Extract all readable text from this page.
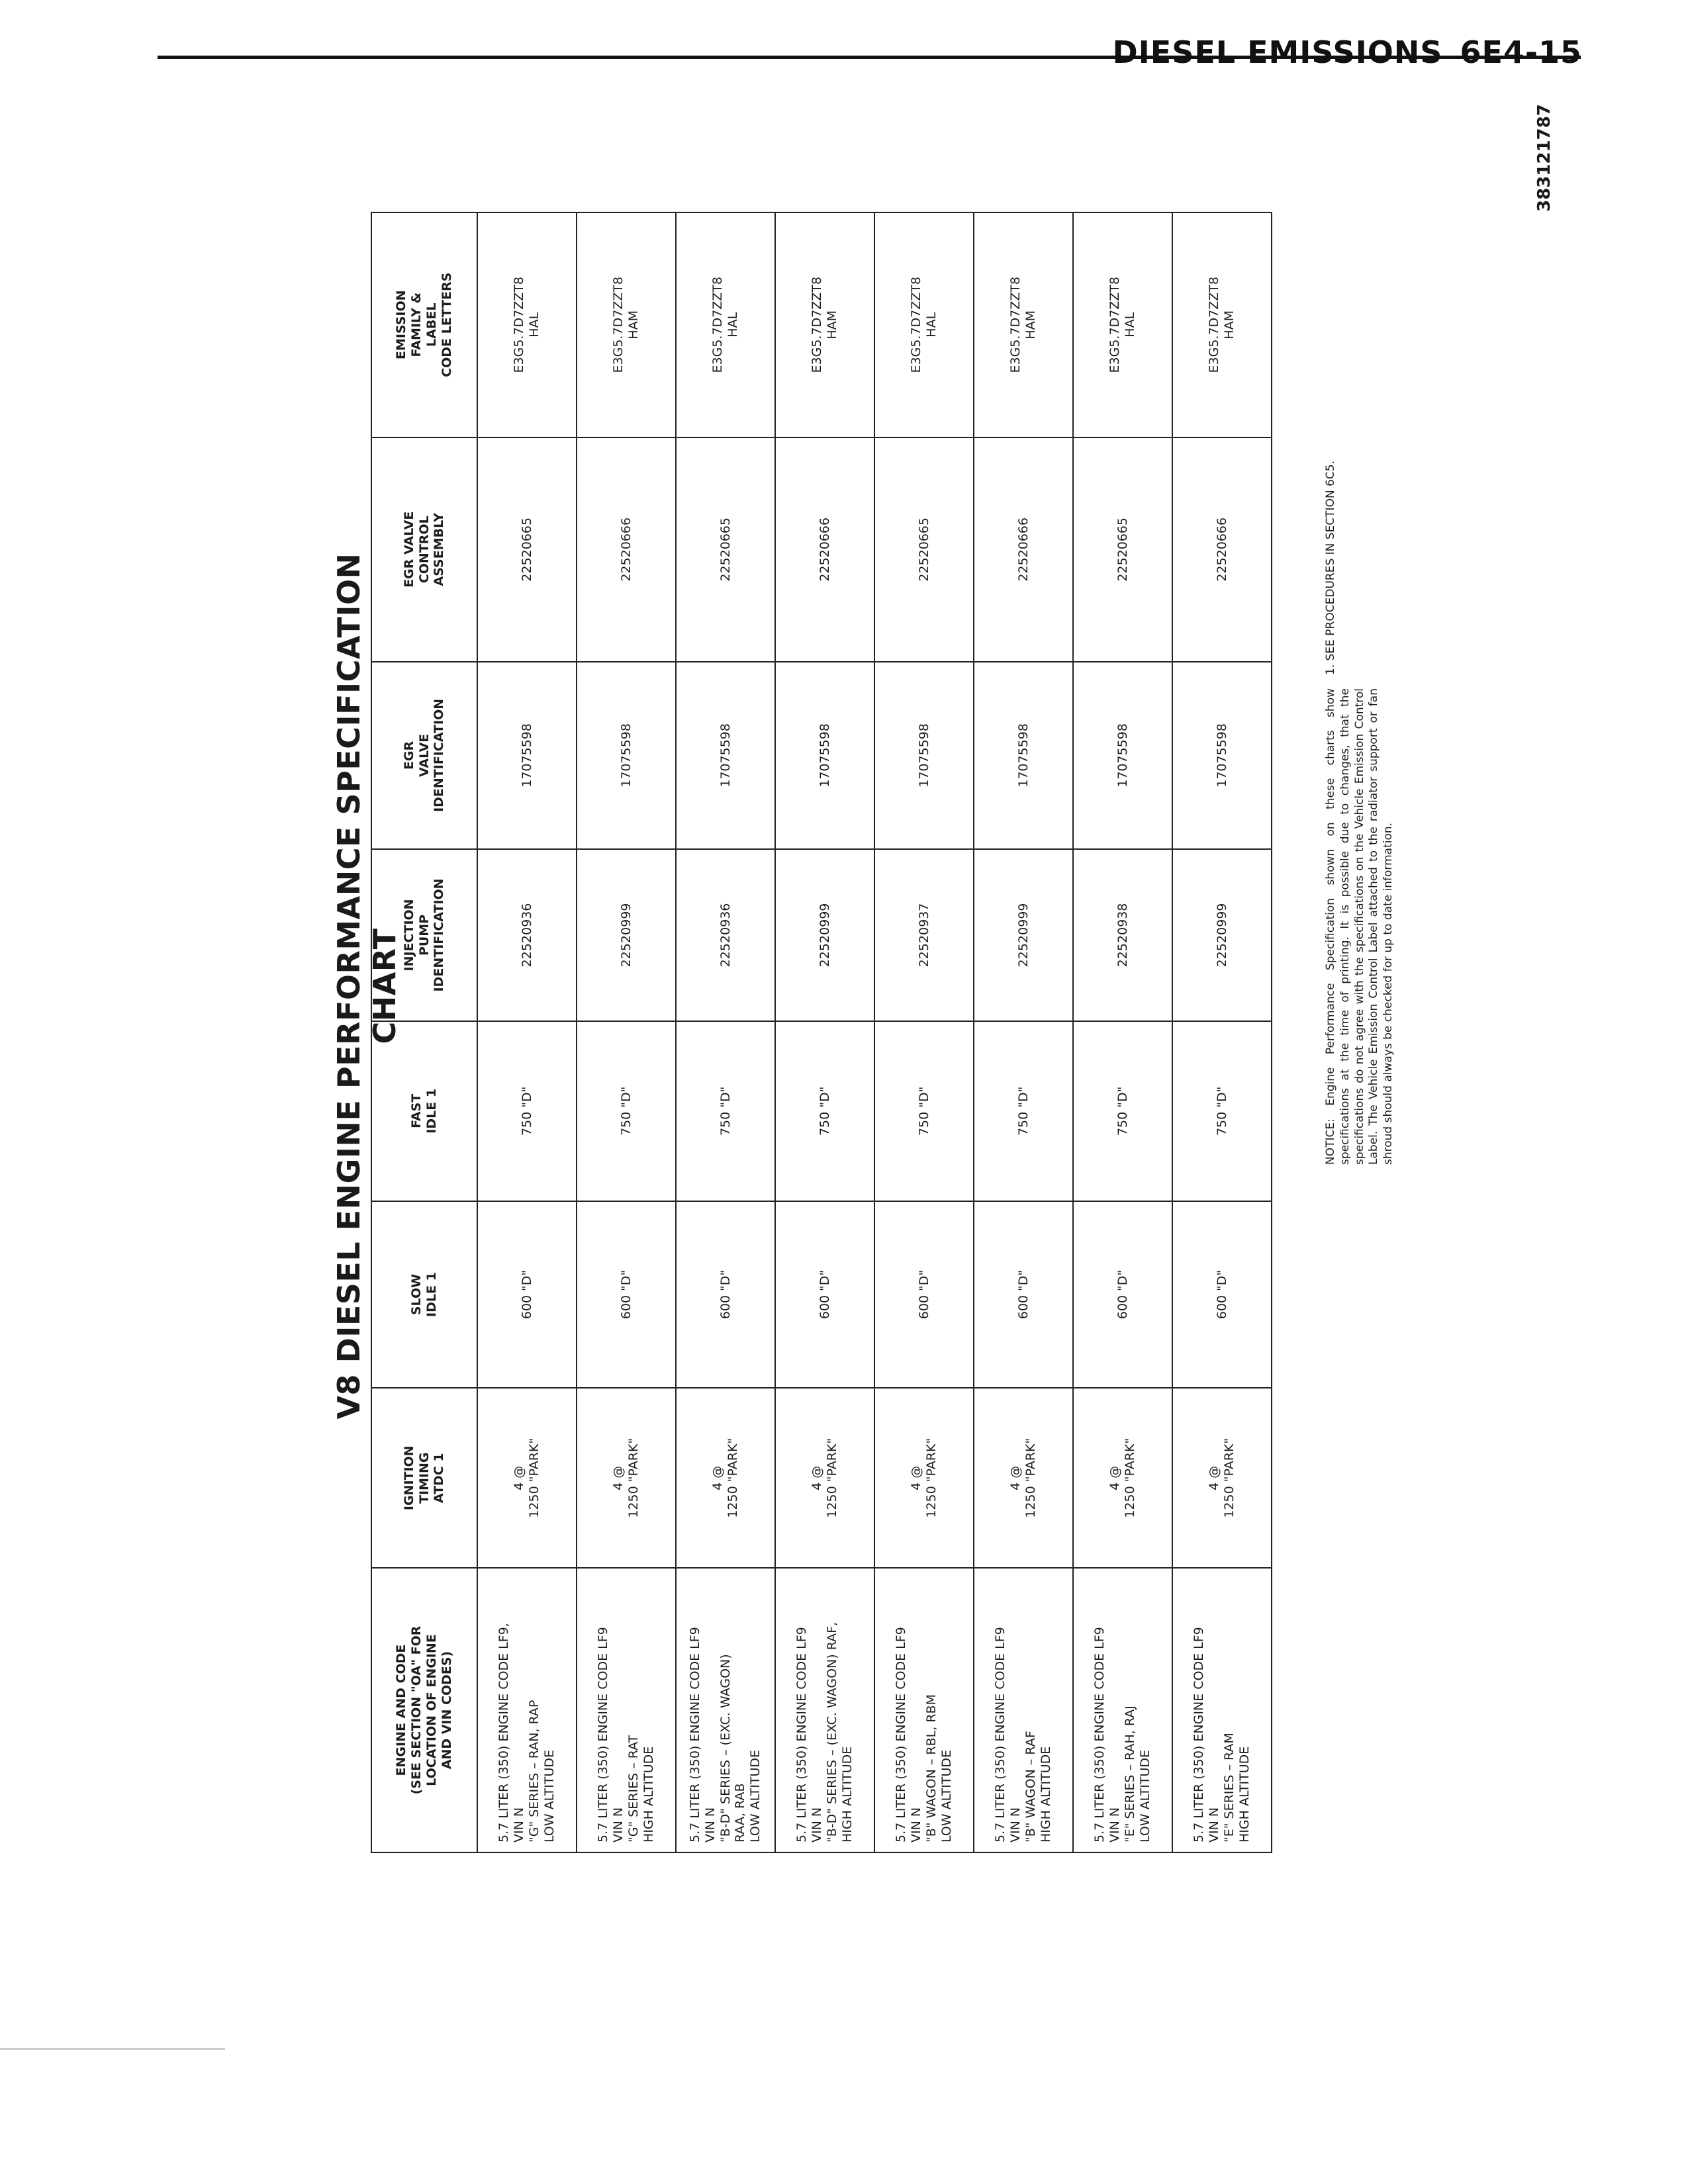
DIESEL EMISSIONS 6E4-15
383121787
V8 DIESEL ENGINE PERFORMANCE SPECIFICATION CHART
ENGINE AND CODE (SEE SECTION "OA" FOR LOCATION OF ENGINE AND VIN CODES)	IGNITION TIMING ATDC 1	SLOW IDLE 1	FAST IDLE 1	INJECTION PUMP IDENTIFICATION	EGR VALVE IDENTIFICATION	EGR VALVE CONTROL ASSEMBLY	EMISSION FAMILY & LABEL CODE LETTERS

5.7 LITER (350) ENGINE CODE LF9, VIN N "G" SERIES – RAN, RAP LOW ALTITUDE	4 @ 1250 "PARK"	600 "D"	750 "D"	22520936	17075598	22520665	E3G5.7D7ZZT8 HAL

5.7 LITER (350) ENGINE CODE LF9 VIN N "G" SERIES – RAT HIGH ALTITUDE	4 @ 1250 "PARK"	600 "D"	750 "D"	22520999	17075598	22520666	E3G5.7D7ZZT8 HAM

5.7 LITER (350) ENGINE CODE LF9 VIN N "B-D" SERIES – (EXC. WAGON) RAA, RAB LOW ALTITUDE	4 @ 1250 "PARK"	600 "D"	750 "D"	22520936	17075598	22520665	E3G5.7D7ZZT8 HAL

5.7 LITER (350) ENGINE CODE LF9 VIN N "B-D" SERIES – (EXC. WAGON) RAF, HIGH ALTITUDE	4 @ 1250 "PARK"	600 "D"	750 "D"	22520999	17075598	22520666	E3G5.7D7ZZT8 HAM

5.7 LITER (350) ENGINE CODE LF9 VIN N "B" WAGON – RBL, RBM LOW ALTITUDE	4 @ 1250 "PARK"	600 "D"	750 "D"	22520937	17075598	22520665	E3G5.7D7ZZT8 HAL

5.7 LITER (350) ENGINE CODE LF9 VIN N "B" WAGON – RAF HIGH ALTITUDE	4 @ 1250 "PARK"	600 "D"	750 "D"	22520999	17075598	22520666	E3G5.7D7ZZT8 HAM

5.7 LITER (350) ENGINE CODE LF9 VIN N "E" SERIES – RAH, RAJ LOW ALTITUDE	4 @ 1250 "PARK"	600 "D"	750 "D"	22520938	17075598	22520665	E3G5.7D7ZZT8 HAL

5.7 LITER (350) ENGINE CODE LF9 VIN N "E" SERIES – RAM HIGH ALTITUDE	4 @ 1250 "PARK"	600 "D"	750 "D"	22520999	17075598	22520666	E3G5.7D7ZZT8 HAM
NOTICE: Engine Performance Specification shown on these charts show specifications at the time of printing. It is possible due to changes, that the specifications do not agree with the specifications on the Vehicle Emission Control Label. The Vehicle Emission Control Label attached to the radiator support or fan shroud should always be checked for up to date information.
1. SEE PROCEDURES IN SECTION 6C5.
